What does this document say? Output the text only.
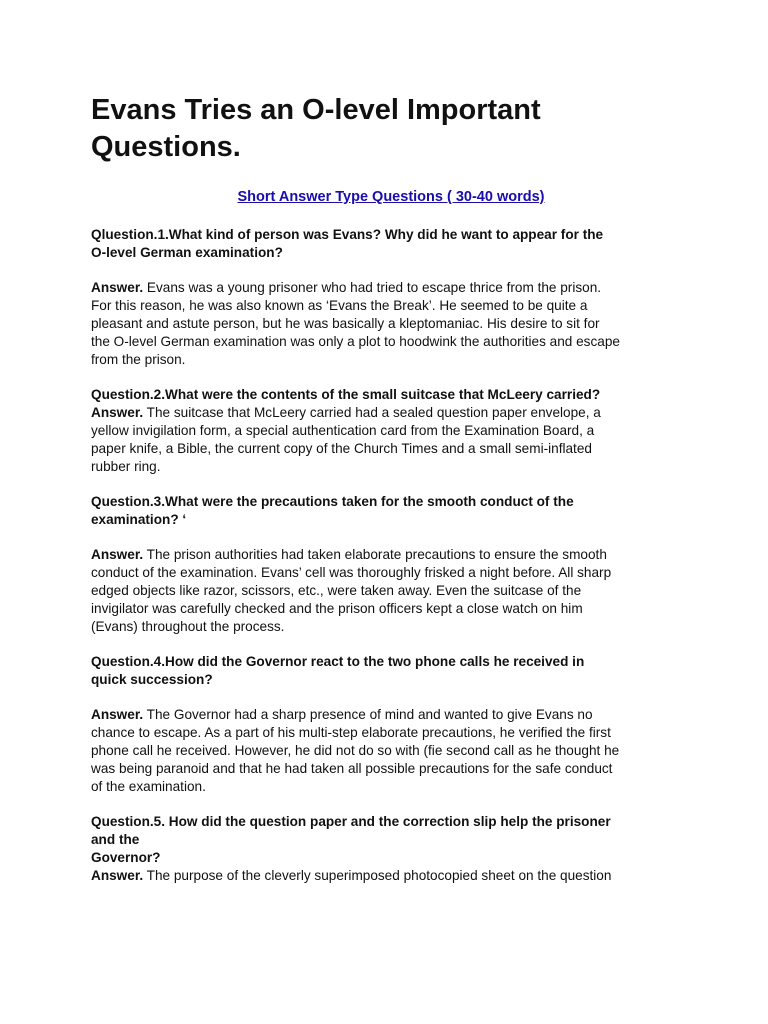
Evans Tries an O-level Important
Questions.
Short Answer Type Questions ( 30-40 words)

Qluestion.1.What kind of person was Evans? Why did he want to appear for the
O-level German examination?

Answer. Evans was a young prisoner who had tried to escape thrice from the prison.
For this reason, he was also known as ‘Evans the Break’. He seemed to be quite a
pleasant and astute person, but he was basically a kleptomaniac. His desire to sit for
the O-level German examination was only a plot to hoodwink the authorities and escape
from the prison.

Question.2.What were the contents of the small suitcase that McLeery carried?

Answer. The suitcase that McLeery carried had a sealed question paper envelope, a
yellow invigilation form, a special authentication card from the Examination Board, a
paper knife, a Bible, the current copy of the Church Times and a small semi-inflated
rubber ring.

Question.3.What were the precautions taken for the smooth conduct of the
examination? ‘

Answer. The prison authorities had taken elaborate precautions to ensure the smooth
conduct of the examination. Evans’ cell was thoroughly frisked a night before. All sharp
edged objects like razor, scissors, etc., were taken away. Even the suitcase of the
invigilator was carefully checked and the prison officers kept a close watch on him
(Evans) throughout the process.

Question.4.How did the Governor react to the two phone calls he received in
quick succession?

Answer. The Governor had a sharp presence of mind and wanted to give Evans no
chance to escape. As a part of his multi-step elaborate precautions, he verified the first
phone call he received. However, he did not do so with (fie second call as he thought he
was being paranoid and that he had taken all possible precautions for the safe conduct
of the examination.

Question.5. How did the question paper and the correction slip help the prisoner
and the
Governor?

Answer. The purpose of the cleverly superimposed photocopied sheet on the question
